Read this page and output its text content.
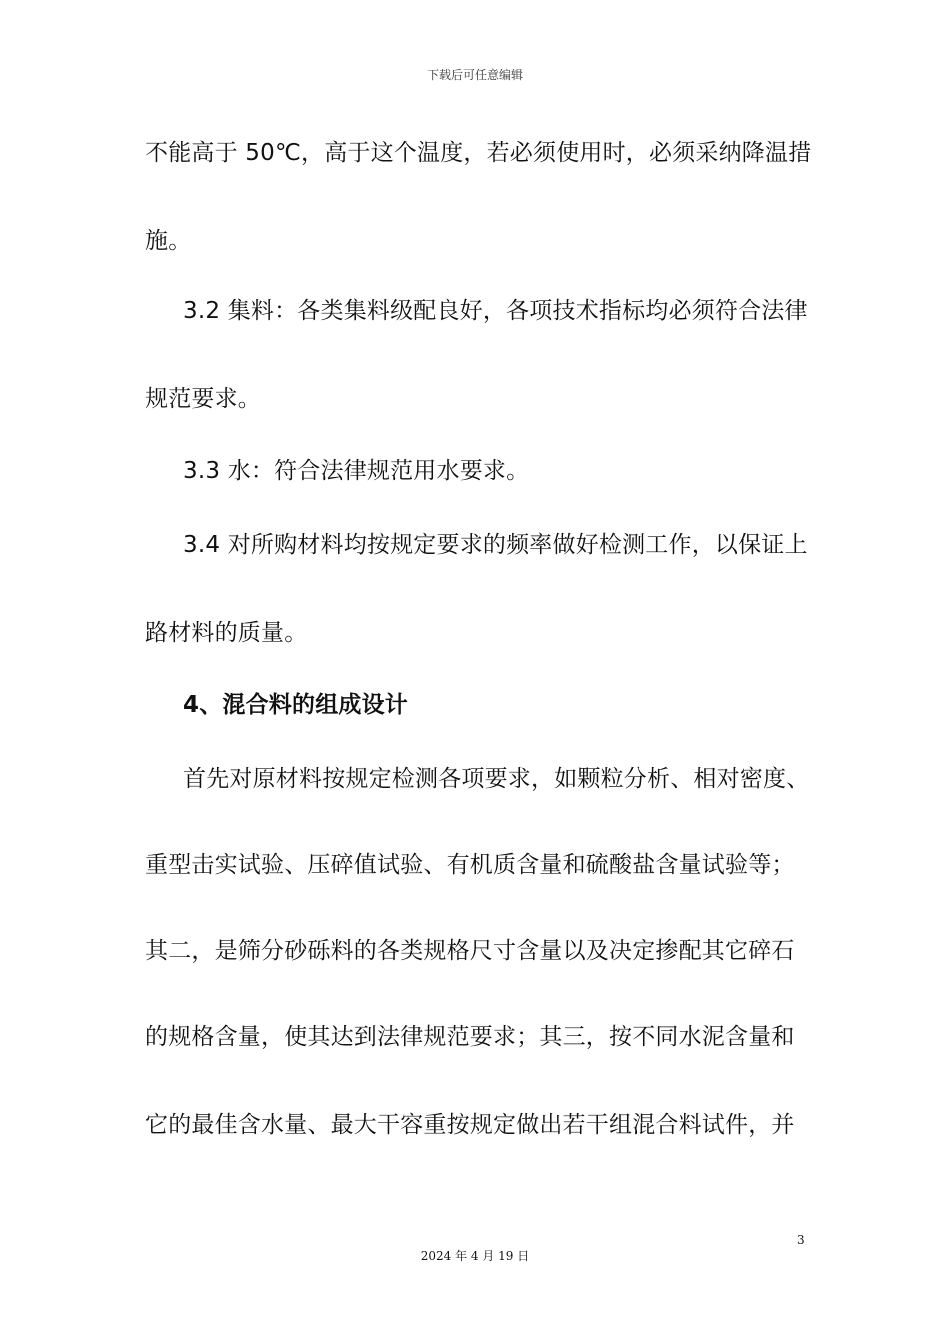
下载后可任意编辑
不能高于 50℃，高于这个温度，若必须使用时，必须采纳降温措
施。
3.2 集料：各类集料级配良好，各项技术指标均必须符合法律
规范要求。
3.3 水：符合法律规范用水要求。
3.4 对所购材料均按规定要求的频率做好检测工作，以保证上
路材料的质量。
4、混合料的组成设计
首先对原材料按规定检测各项要求，如颗粒分析、相对密度、
重型击实试验、压碎值试验、有机质含量和硫酸盐含量试验等；
其二，是筛分砂砾料的各类规格尺寸含量以及决定掺配其它碎石
的规格含量，使其达到法律规范要求；其三，按不同水泥含量和
它的最佳含水量、最大干容重按规定做出若干组混合料试件，并
3
2024 年 4 月 19 日
